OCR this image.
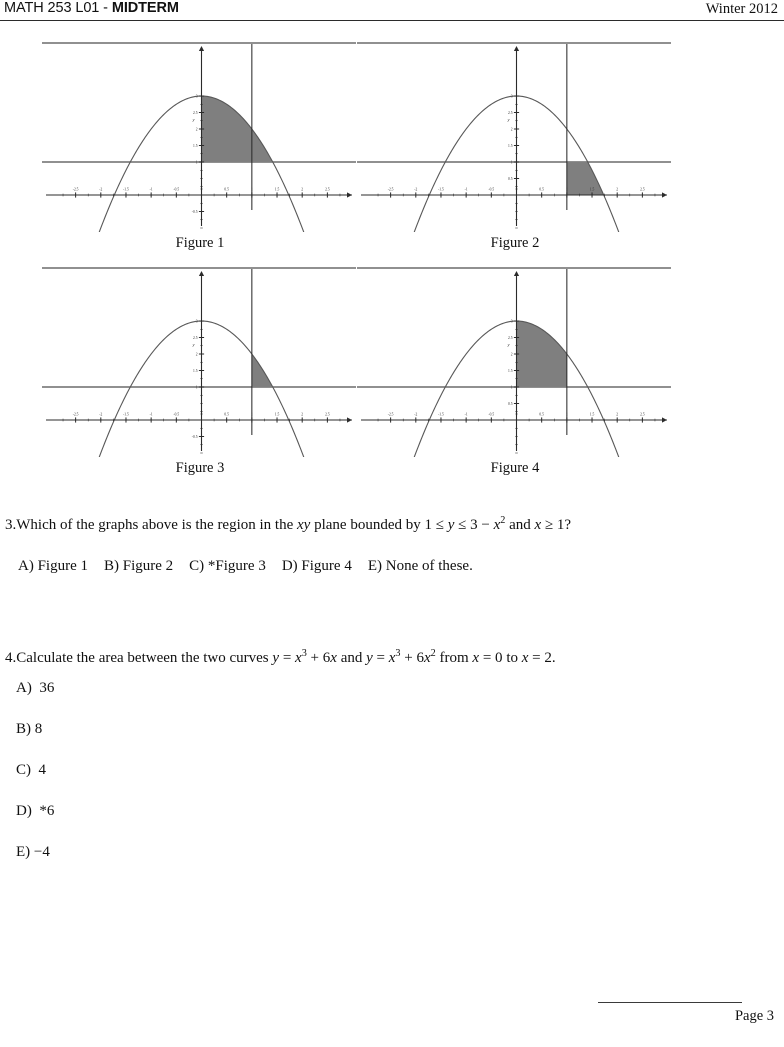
MATH 253 L01 - MIDTERM	Winter 2012
-2.5	-2	-1.5	-1	-0.5	0.5	1.5	2	2.5
-0.5
1
1.5
2
2.5
3
y
Figure 1
-2.5	-2	-1.5	-1	-0.5	0.5	1.5	2	2.5
0.5
1
1.5
2
2.5
3
y
Figure 2
-2.5	-2	-1.5	-1	-0.5	0.5	1.5	2	2.5
-0.5
1
1.5
2
2.5
3
y
Figure 3
-2.5	-2	-1.5	-1	-0.5	0.5	1.5	2	2.5
0.5
1
1.5
2
2.5
3
y
Figure 4
3.Which of the graphs above is the region in the xy plane bounded by $1 \le y \le 3 - x^2$ and x ≥ 1?
A) Figure 1 B) Figure 2 C) *Figure 3 D) Figure 4 E) None of these.
4.Calculate the area between the two curves $y = x^3 + 6x$ and $y = x^3 + 6x^2$ from x = 0 to x = 2.
A) 36
B) 8
C) 4
D) *6
E) −4
Page 3
